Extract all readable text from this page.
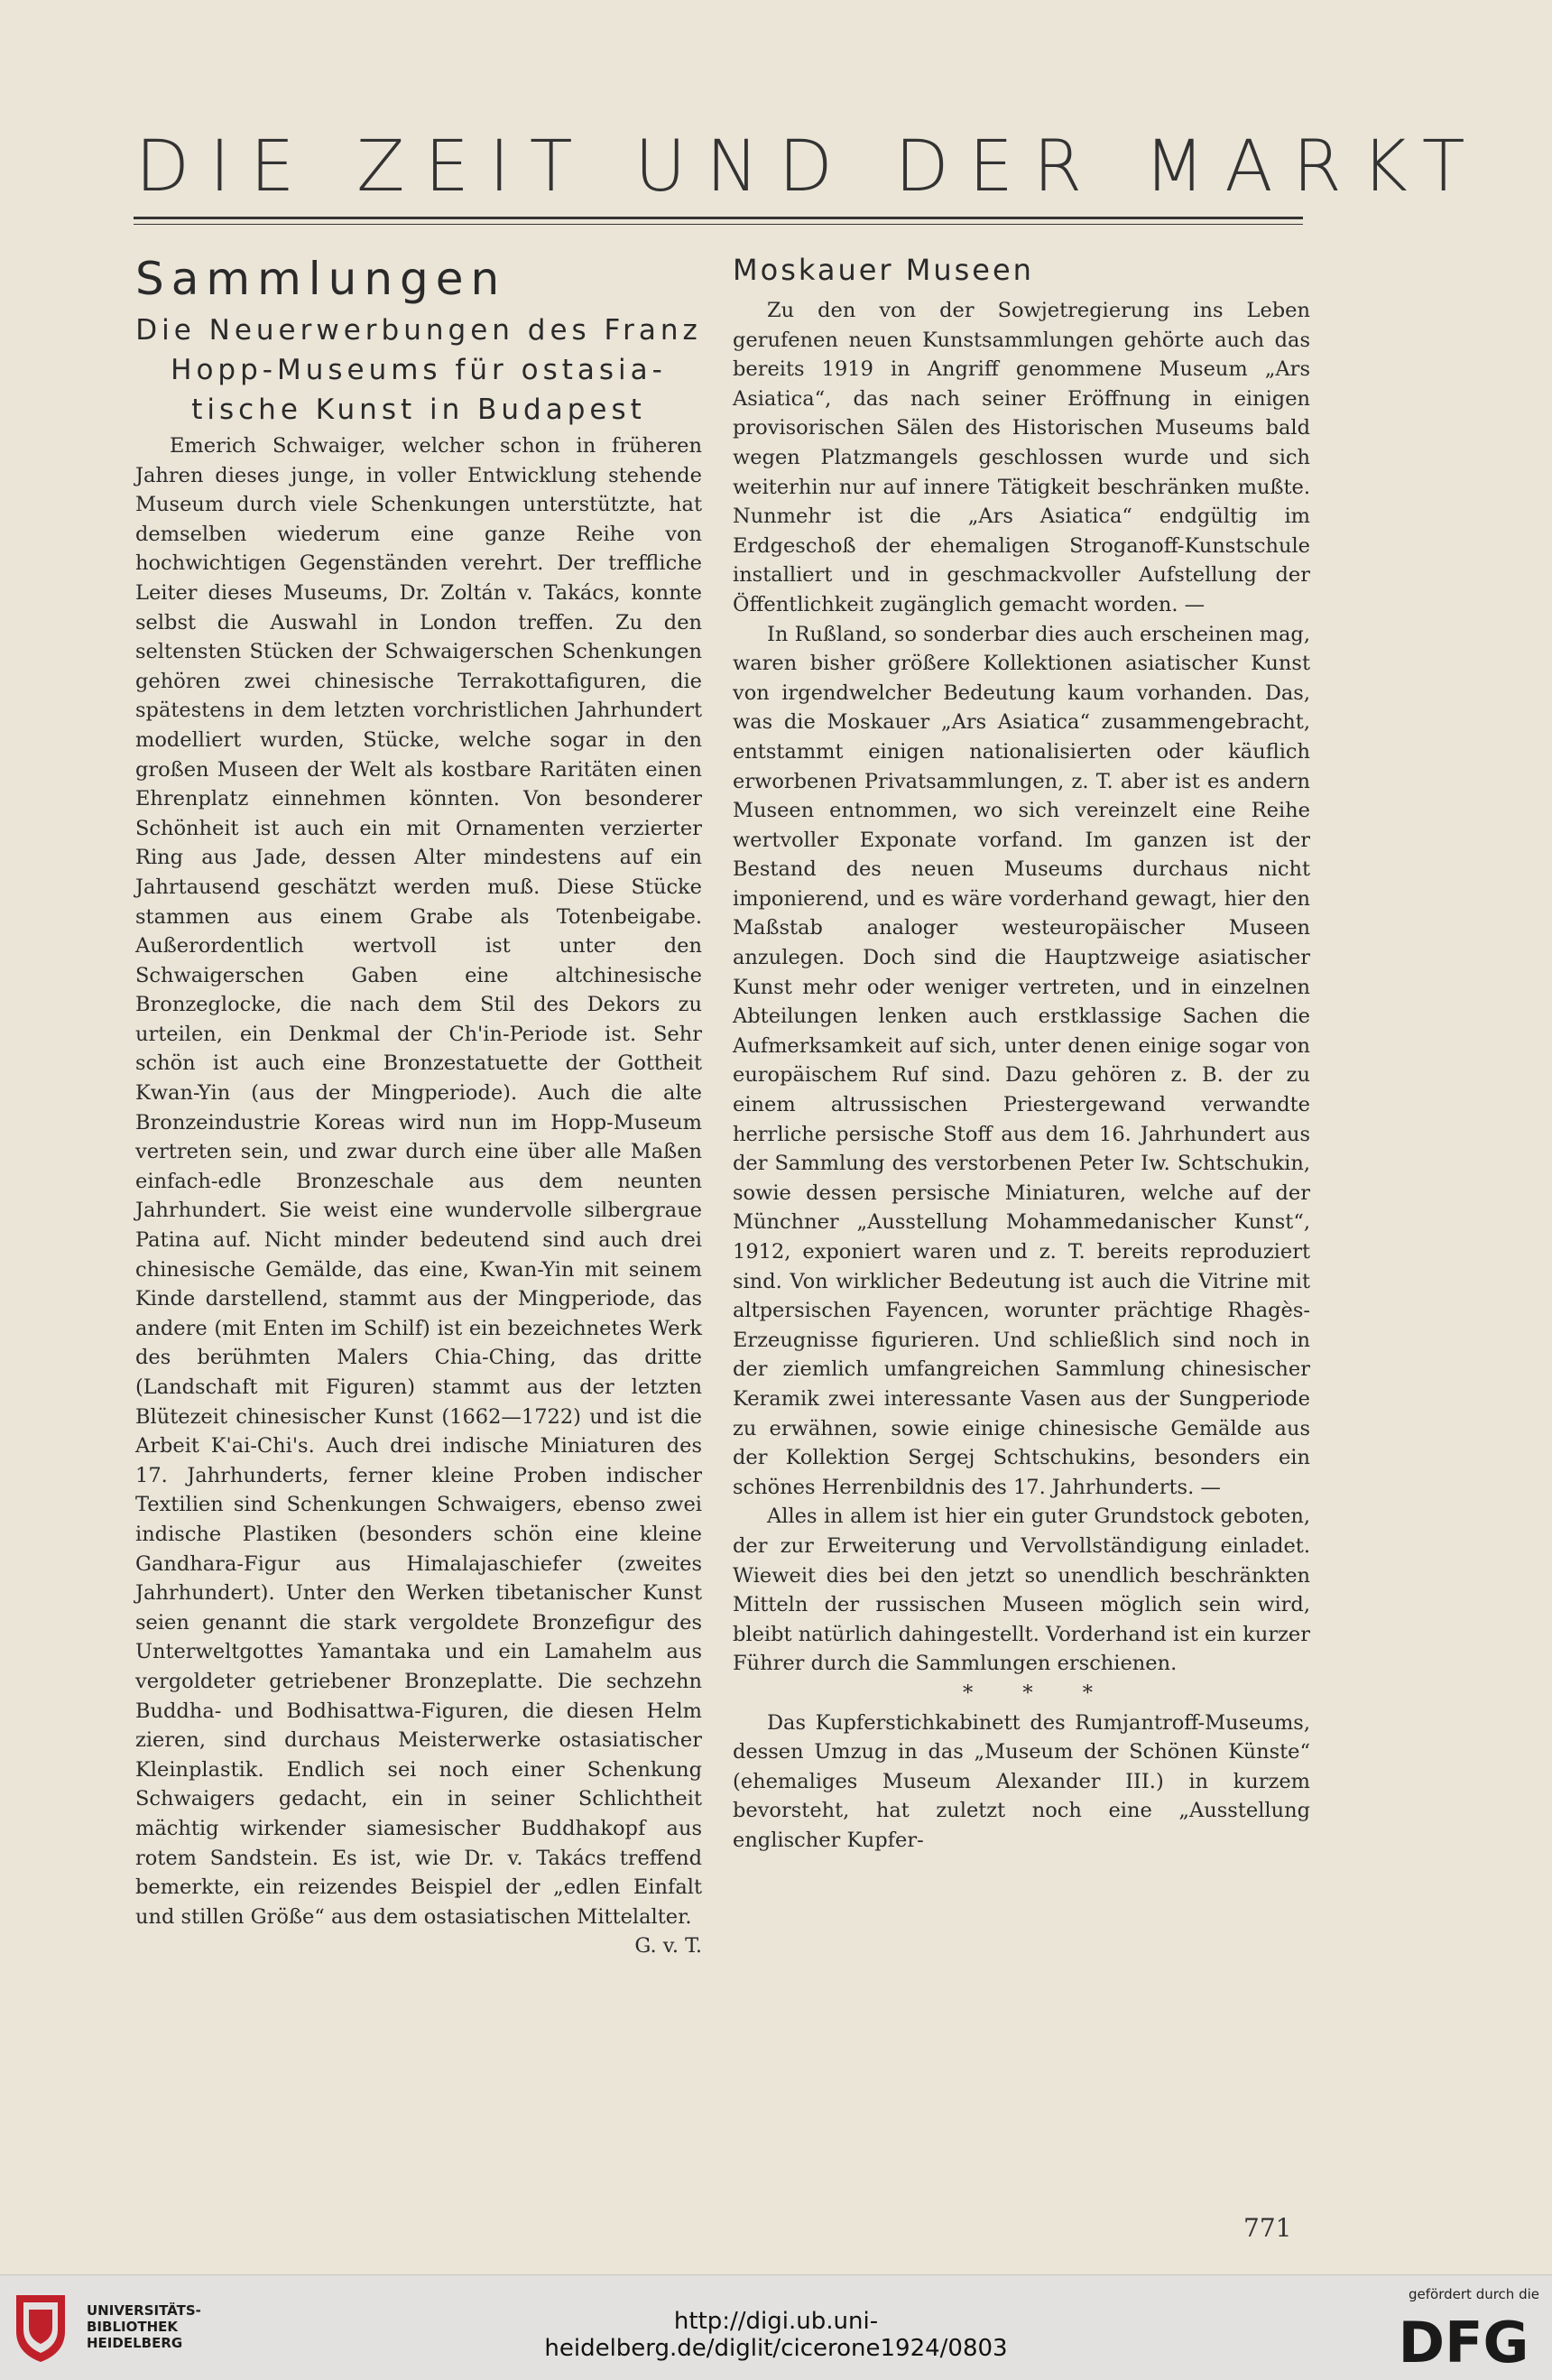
DIE ZEIT UND DER MARKT
Sammlungen
Die Neuerwerbungen des Franz
Hopp-Museums für ostasia-
tische Kunst in Budapest

Emerich Schwaiger, welcher schon in früheren Jahren dieses junge, in voller Entwicklung stehende Museum durch viele Schenkungen unterstützte, hat demselben wiederum eine ganze Reihe von hochwichtigen Gegenständen verehrt. Der treffliche Leiter dieses Museums, Dr. Zoltán v. Takács, konnte selbst die Auswahl in London treffen. Zu den seltensten Stücken der Schwaigerschen Schenkungen gehören zwei chinesische Terrakottafiguren, die spätestens in dem letzten vorchristlichen Jahrhundert modelliert wurden, Stücke, welche sogar in den großen Museen der Welt als kostbare Raritäten einen Ehrenplatz einnehmen könnten. Von besonderer Schönheit ist auch ein mit Ornamenten verzierter Ring aus Jade, dessen Alter mindestens auf ein Jahrtausend geschätzt werden muß. Diese Stücke stammen aus einem Grabe als Totenbeigabe. Außerordentlich wertvoll ist unter den Schwaigerschen Gaben eine altchinesische Bronzeglocke, die nach dem Stil des Dekors zu urteilen, ein Denkmal der Ch'in-Periode ist. Sehr schön ist auch eine Bronzestatuette der Gottheit Kwan-Yin (aus der Mingperiode). Auch die alte Bronzeindustrie Koreas wird nun im Hopp-Museum vertreten sein, und zwar durch eine über alle Maßen einfach-edle Bronzeschale aus dem neunten Jahrhundert. Sie weist eine wundervolle silbergraue Patina auf. Nicht minder bedeutend sind auch drei chinesische Gemälde, das eine, Kwan-Yin mit seinem Kinde darstellend, stammt aus der Mingperiode, das andere (mit Enten im Schilf) ist ein bezeichnetes Werk des berühmten Malers Chia-Ching, das dritte (Landschaft mit Figuren) stammt aus der letzten Blütezeit chinesischer Kunst (1662—1722) und ist die Arbeit K'ai-Chi's. Auch drei indische Miniaturen des 17. Jahrhunderts, ferner kleine Proben indischer Textilien sind Schenkungen Schwaigers, ebenso zwei indische Plastiken (besonders schön eine kleine Gandhara-Figur aus Himalajaschiefer (zweites Jahrhundert). Unter den Werken tibetanischer Kunst seien genannt die stark vergoldete Bronzefigur des Unterweltgottes Yamantaka und ein Lamahelm aus vergoldeter getriebener Bronzeplatte. Die sechzehn Buddha- und Bodhisattwa-Figuren, die diesen Helm zieren, sind durchaus Meisterwerke ostasiatischer Kleinplastik. Endlich sei noch einer Schenkung Schwaigers gedacht, ein in seiner Schlichtheit mächtig wirkender siamesischer Buddhakopf aus rotem Sandstein. Es ist, wie Dr. v. Takács treffend bemerkte, ein reizendes Beispiel der „edlen Einfalt und stillen Größe“ aus dem ostasiatischen Mittelalter.

G. v. T.

Moskauer Museen

Zu den von der Sowjetregierung ins Leben gerufenen neuen Kunstsammlungen gehörte auch das bereits 1919 in Angriff genommene Museum „Ars Asiatica“, das nach seiner Eröffnung in einigen provisorischen Sälen des Historischen Museums bald wegen Platzmangels geschlossen wurde und sich weiterhin nur auf innere Tätigkeit beschränken mußte. Nunmehr ist die „Ars Asiatica“ endgültig im Erdgeschoß der ehemaligen Stroganoff-Kunstschule installiert und in geschmackvoller Aufstellung der Öffentlichkeit zugänglich gemacht worden. —

In Rußland, so sonderbar dies auch erscheinen mag, waren bisher größere Kollektionen asiatischer Kunst von irgendwelcher Bedeutung kaum vorhanden. Das, was die Moskauer „Ars Asiatica“ zusammengebracht, entstammt einigen nationalisierten oder käuflich erworbenen Privatsammlungen, z. T. aber ist es andern Museen entnommen, wo sich vereinzelt eine Reihe wertvoller Exponate vorfand. Im ganzen ist der Bestand des neuen Museums durchaus nicht imponierend, und es wäre vorderhand gewagt, hier den Maßstab analoger westeuropäischer Museen anzulegen. Doch sind die Hauptzweige asiatischer Kunst mehr oder weniger vertreten, und in einzelnen Abteilungen lenken auch erstklassige Sachen die Aufmerksamkeit auf sich, unter denen einige sogar von europäischem Ruf sind. Dazu gehören z. B. der zu einem altrussischen Priestergewand verwandte herrliche persische Stoff aus dem 16. Jahrhundert aus der Sammlung des verstorbenen Peter Iw. Schtschukin, sowie dessen persische Miniaturen, welche auf der Münchner „Ausstellung Mohammedanischer Kunst“, 1912, exponiert waren und z. T. bereits reproduziert sind. Von wirklicher Bedeutung ist auch die Vitrine mit altpersischen Fayencen, worunter prächtige Rhagès-Erzeugnisse figurieren. Und schließlich sind noch in der ziemlich umfangreichen Sammlung chinesischer Keramik zwei interessante Vasen aus der Sungperiode zu erwähnen, sowie einige chinesische Gemälde aus der Kollektion Sergej Schtschukins, besonders ein schönes Herrenbildnis des 17. Jahrhunderts. —

Alles in allem ist hier ein guter Grundstock geboten, der zur Erweiterung und Vervollständigung einladet. Wieweit dies bei den jetzt so unendlich beschränkten Mitteln der russischen Museen möglich sein wird, bleibt natürlich dahingestellt. Vorderhand ist ein kurzer Führer durch die Sammlungen erschienen.

* * *

Das Kupferstichkabinett des Rumjantroff-Museums, dessen Umzug in das „Museum der Schönen Künste“ (ehemaliges Museum Alexander III.) in kurzem bevorsteht, hat zuletzt noch eine „Ausstellung englischer Kupfer-

771
UNIVERSITÄTS-
BIBLIOTHEK
HEIDELBERG
http://digi.ub.uni-heidelberg.de/diglit/cicerone1924/0803
gefördert durch die
DFG
